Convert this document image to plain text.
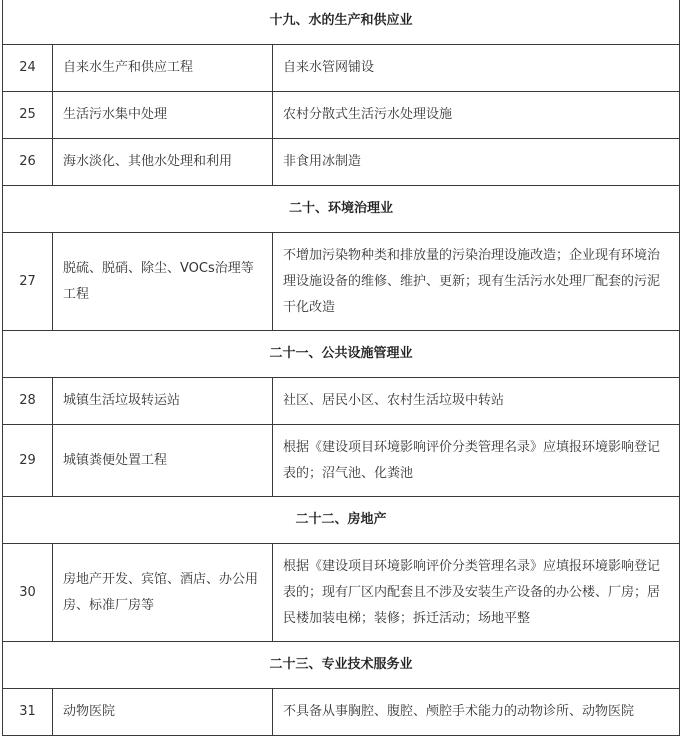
十九、水的生产和供应业		
24	自来水生产和供应工程	自来水管网铺设
25	生活污水集中处理	农村分散式生活污水处理设施
26	海水淡化、其他水处理和利用	非食用冰制造
二十、环境治理业		
27	脱硫、脱硝、除尘、VOCs治理等工程	不增加污染物种类和排放量的污染治理设施改造；企业现有环境治理设施设备的维修、维护、更新；现有生活污水处理厂配套的污泥干化改造
二十一、公共设施管理业		
28	城镇生活垃圾转运站	社区、居民小区、农村生活垃圾中转站
29	城镇粪便处置工程	根据《建设项目环境影响评价分类管理名录》应填报环境影响登记表的；沼气池、化粪池
二十二、房地产		
30	房地产开发、宾馆、酒店、办公用房、标准厂房等	根据《建设项目环境影响评价分类管理名录》应填报环境影响登记表的；现有厂区内配套且不涉及安装生产设备的办公楼、厂房；居民楼加装电梯；装修；拆迁活动；场地平整
二十三、专业技术服务业		
31	动物医院	不具备从事胸腔、腹腔、颅腔手术能力的动物诊所、动物医院
